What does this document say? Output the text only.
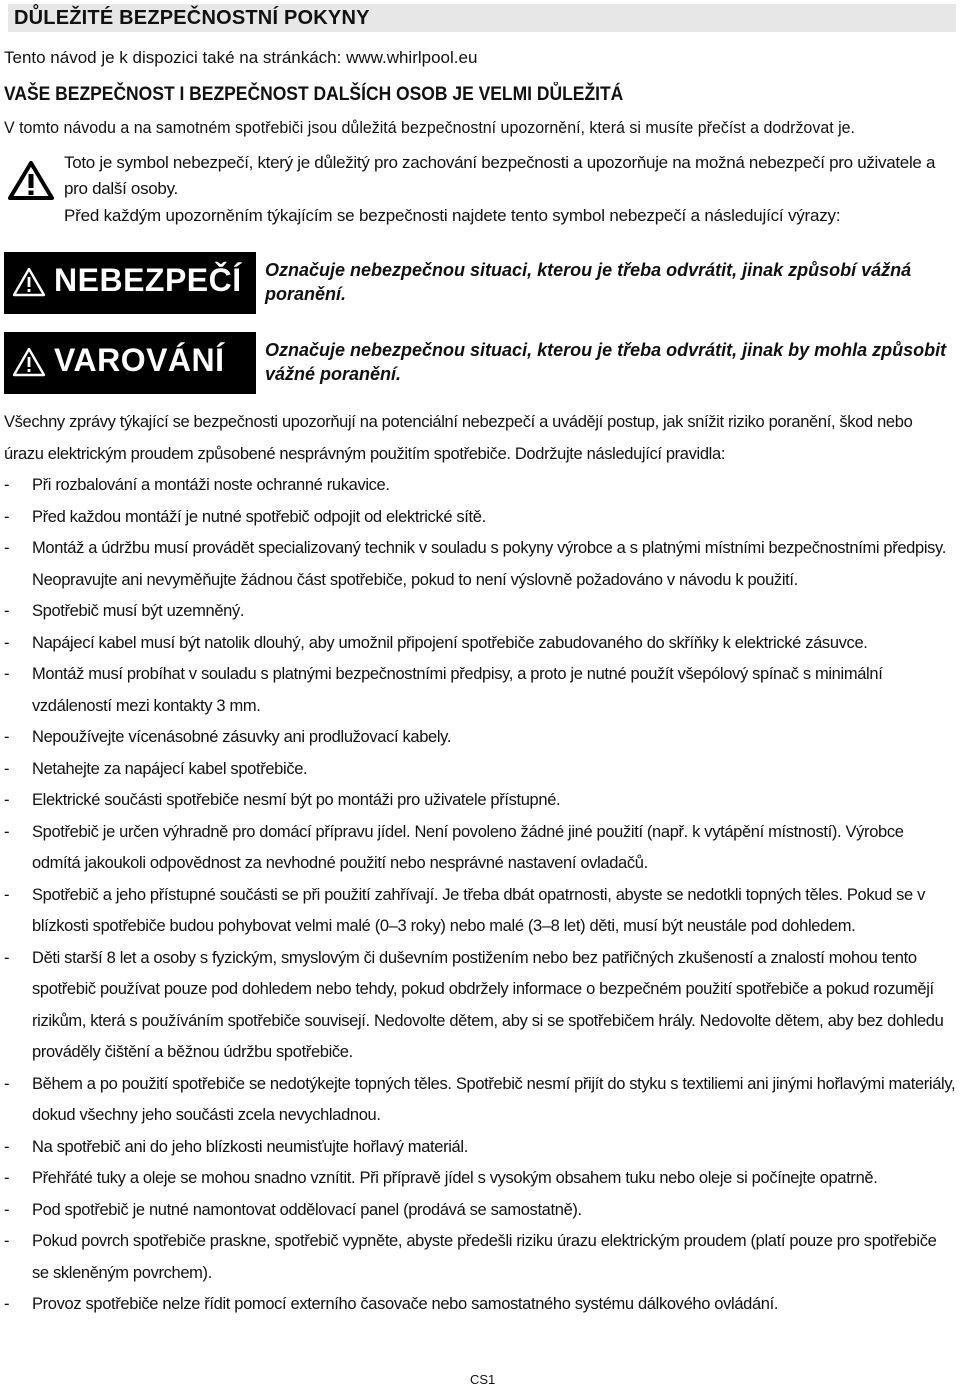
DŮLEŽITÉ BEZPEČNOSTNÍ POKYNY
Tento návod je k dispozici také na stránkách: www.whirlpool.eu
VAŠE BEZPEČNOST I BEZPEČNOST DALŠÍCH OSOB JE VELMI DŮLEŽITÁ
V tomto návodu a na samotném spotřebiči jsou důležitá bezpečnostní upozornění, která si musíte přečíst a dodržovat je.
Toto je symbol nebezpečí, který je důležitý pro zachování bezpečnosti a upozorňuje na možná nebezpečí pro uživatele a pro další osoby.
Před každým upozorněním týkajícím se bezpečnosti najdete tento symbol nebezpečí a následující výrazy:
NEBEZPEČÍ Označuje nebezpečnou situaci, kterou je třeba odvrátit, jinak způsobí vážná poranění.
VAROVÁNÍ Označuje nebezpečnou situaci, kterou je třeba odvrátit, jinak by mohla způsobit vážné poranění.
Všechny zprávy týkající se bezpečnosti upozorňují na potenciální nebezpečí a uvádějí postup, jak snížit riziko poranění, škod nebo úrazu elektrickým proudem způsobené nesprávným použitím spotřebiče. Dodržujte následující pravidla:
- Při rozbalování a montáži noste ochranné rukavice.
- Před každou montáží je nutné spotřebič odpojit od elektrické sítě.
- Montáž a údržbu musí provádět specializovaný technik v souladu s pokyny výrobce a s platnými místními bezpečnostními předpisy. Neopravujte ani nevyměňujte žádnou část spotřebiče, pokud to není výslovně požadováno v návodu k použití.
- Spotřebič musí být uzemněný.
- Napájecí kabel musí být natolik dlouhý, aby umožnil připojení spotřebiče zabudovaného do skříňky k elektrické zásuvce.
- Montáž musí probíhat v souladu s platnými bezpečnostními předpisy, a proto je nutné použít všepólový spínač s minimální vzdáleností mezi kontakty 3 mm.
- Nepoužívejte vícenásobné zásuvky ani prodlužovací kabely.
- Netahejte za napájecí kabel spotřebiče.
- Elektrické součásti spotřebiče nesmí být po montáži pro uživatele přístupné.
- Spotřebič je určen výhradně pro domácí přípravu jídel. Není povoleno žádné jiné použití (např. k vytápění místností). Výrobce odmítá jakoukoli odpovědnost za nevhodné použití nebo nesprávné nastavení ovladačů.
- Spotřebič a jeho přístupné součásti se při použití zahřívají. Je třeba dbát opatrnosti, abyste se nedotkli topných těles. Pokud se v blízkosti spotřebiče budou pohybovat velmi malé (0–3 roky) nebo malé (3–8 let) děti, musí být neustále pod dohledem.
- Děti starší 8 let a osoby s fyzickým, smyslovým či duševním postižením nebo bez patřičných zkušeností a znalostí mohou tento spotřebič používat pouze pod dohledem nebo tehdy, pokud obdržely informace o bezpečném použití spotřebiče a pokud rozumějí rizikům, která s používáním spotřebiče souvisejí. Nedovolte dětem, aby si se spotřebičem hrály. Nedovolte dětem, aby bez dohledu prováděly čištění a běžnou údržbu spotřebiče.
- Během a po použití spotřebiče se nedotýkejte topných těles. Spotřebič nesmí přijít do styku s textiliemi ani jinými hořlavými materiály, dokud všechny jeho součásti zcela nevychladnou.
- Na spotřebič ani do jeho blízkosti neumisťujte hořlavý materiál.
- Přehřáté tuky a oleje se mohou snadno vznítit. Při přípravě jídel s vysokým obsahem tuku nebo oleje si počínejte opatrně.
- Pod spotřebič je nutné namontovat oddělovací panel (prodává se samostatně).
- Pokud povrch spotřebiče praskne, spotřebič vypněte, abyste předešli riziku úrazu elektrickým proudem (platí pouze pro spotřebiče se skleněným povrchem).
- Provoz spotřebiče nelze řídit pomocí externího časovače nebo samostatného systému dálkového ovládání.
CS1
